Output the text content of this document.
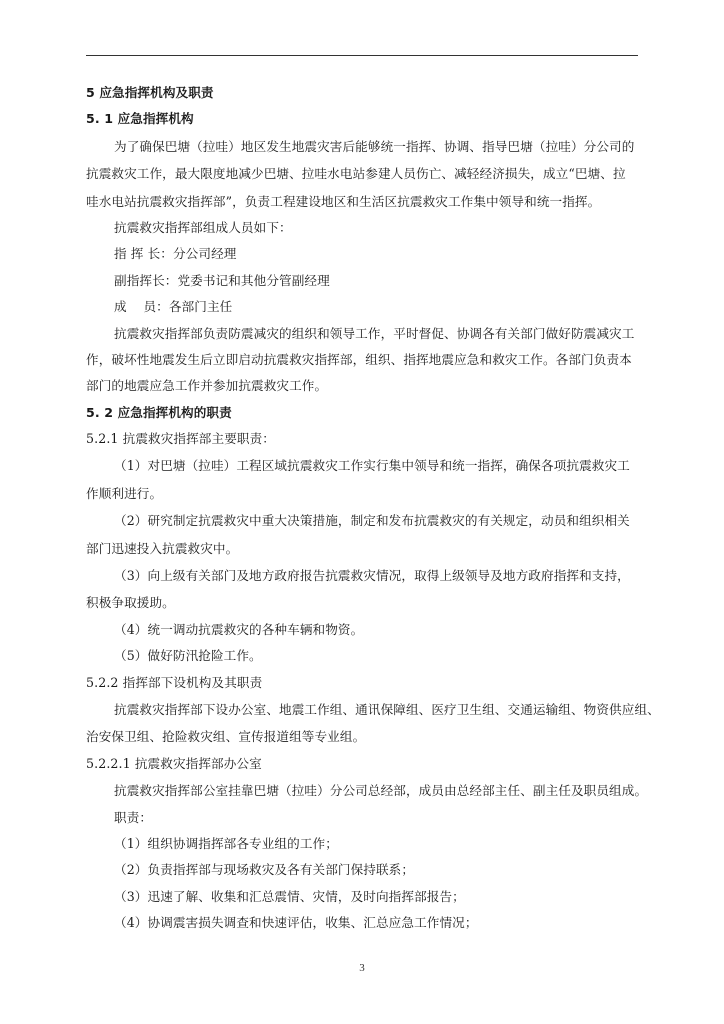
5 应急指挥机构及职责
5. 1 应急指挥机构
为了确保巴塘（拉哇）地区发生地震灾害后能够统一指挥、协调、指导巴塘（拉哇）分公司的
抗震救灾工作，最大限度地减少巴塘、拉哇水电站参建人员伤亡、减轻经济损失，成立“巴塘、拉
哇水电站抗震救灾指挥部”，负责工程建设地区和生活区抗震救灾工作集中领导和统一指挥。
抗震救灾指挥部组成人员如下：
指 挥 长：分公司经理
副指挥长：党委书记和其他分管副经理
成　 员：各部门主任
抗震救灾指挥部负责防震减灾的组织和领导工作，平时督促、协调各有关部门做好防震减灾工
作，破坏性地震发生后立即启动抗震救灾指挥部，组织、指挥地震应急和救灾工作。各部门负责本
部门的地震应急工作并参加抗震救灾工作。
5. 2 应急指挥机构的职责
5.2.1 抗震救灾指挥部主要职责：
（1）对巴塘（拉哇）工程区域抗震救灾工作实行集中领导和统一指挥，确保各项抗震救灾工
作顺利进行。
（2）研究制定抗震救灾中重大决策措施，制定和发布抗震救灾的有关规定，动员和组织相关
部门迅速投入抗震救灾中。
（3）向上级有关部门及地方政府报告抗震救灾情况，取得上级领导及地方政府指挥和支持，
积极争取援助。
（4）统一调动抗震救灾的各种车辆和物资。
（5）做好防汛抢险工作。
5.2.2 指挥部下设机构及其职责
抗震救灾指挥部下设办公室、地震工作组、通讯保障组、医疗卫生组、交通运输组、物资供应组、
治安保卫组、抢险救灾组、宣传报道组等专业组。
5.2.2.1 抗震救灾指挥部办公室
抗震救灾指挥部公室挂靠巴塘（拉哇）分公司总经部，成员由总经部主任、副主任及职员组成。
职责：
（1）组织协调指挥部各专业组的工作；
（2）负责指挥部与现场救灾及各有关部门保持联系；
（3）迅速了解、收集和汇总震情、灾情，及时向指挥部报告；
（4）协调震害损失调查和快速评估，收集、汇总应急工作情况；
3
